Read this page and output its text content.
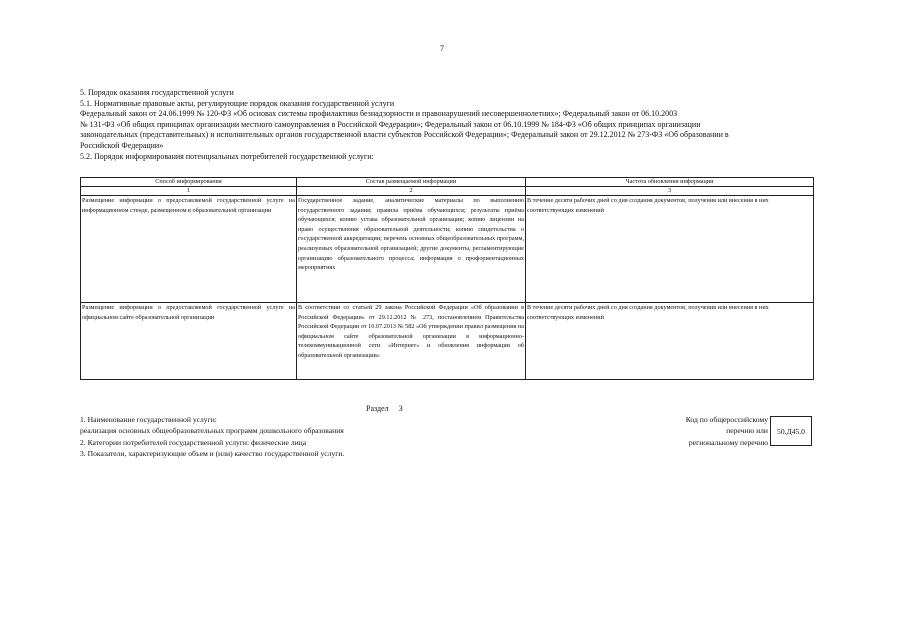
7

5. Порядок оказания государственной услуги

5.1. Нормативные правовые акты, регулирующие порядок оказания государственной услуги

Федеральный закон от 24.06.1999 № 120-ФЗ «Об основах системы профилактики безнадзорности и правонарушений несовершеннолетних»; Федеральный закон от 06.10.2003

№ 131-ФЗ «Об общих принципах организации местного самоуправления в Российской Федерации»; Федеральный закон от 06.10.1999 № 184-ФЗ «Об общих принципах организации

законодательных (представительных) и исполнительных органов государственной власти субъектов Российской Федерации»; Федеральный закон от 29.12.2012 № 273-ФЗ «Об образовании в

Российской Федерации»

5.2. Порядок информирования потенциальных потребителей государственной услуги:

Способ информирования	Состав размещаемой информации	Частота обновления информации
1	2	3
Размещение информации о предоставляемой государственной услуге на информационном стенде, размещенном в образовательной организации	Государственное задание, аналитические материалы по выполнению государственного задания; правила приёма обучающихся; результаты приёма обучающихся; копию устава образовательной организации; копию лицензии на право осуществления образовательной деятельности; копию свидетельства о государственной аккредитации; перечень основных общеобразовательных программ, реализуемых образовательной организацией; другие документы, регламентирующие организацию образовательного процесса; информация о профориентационных мероприятиях	В течение десяти рабочих дней со дня создания документов, получения или внесения в них соответствующих изменений
Размещение информации о предоставляемой государственной услуге на официальном сайте образовательной организации	В соответствии со статьей 29 закона Российской Федерации «Об образовании в Российской Федерации» от 29.12.2012 № 273, постановлением Правительства Российской Федерации от 10.07.2013 № 582 «Об утверждении правил размещения на официальном сайте образовательной организации в информационно-телекоммуникационной сети «Интернет» и обновления информации об образовательной организации»	В течение десяти рабочих дней со дня создания документов, получения или внесения в них соответствующих изменений
Раздел 3

1. Наименование государственной услуги:

реализация основных общеобразовательных программ дошкольного образования

2. Категории потребителей государственной услуги: физические лица

3. Показатели, характеризующие объем и (или) качество государственной услуги.

Код по общероссийскому

перечню или

региональному перечню

50.Д45.0
